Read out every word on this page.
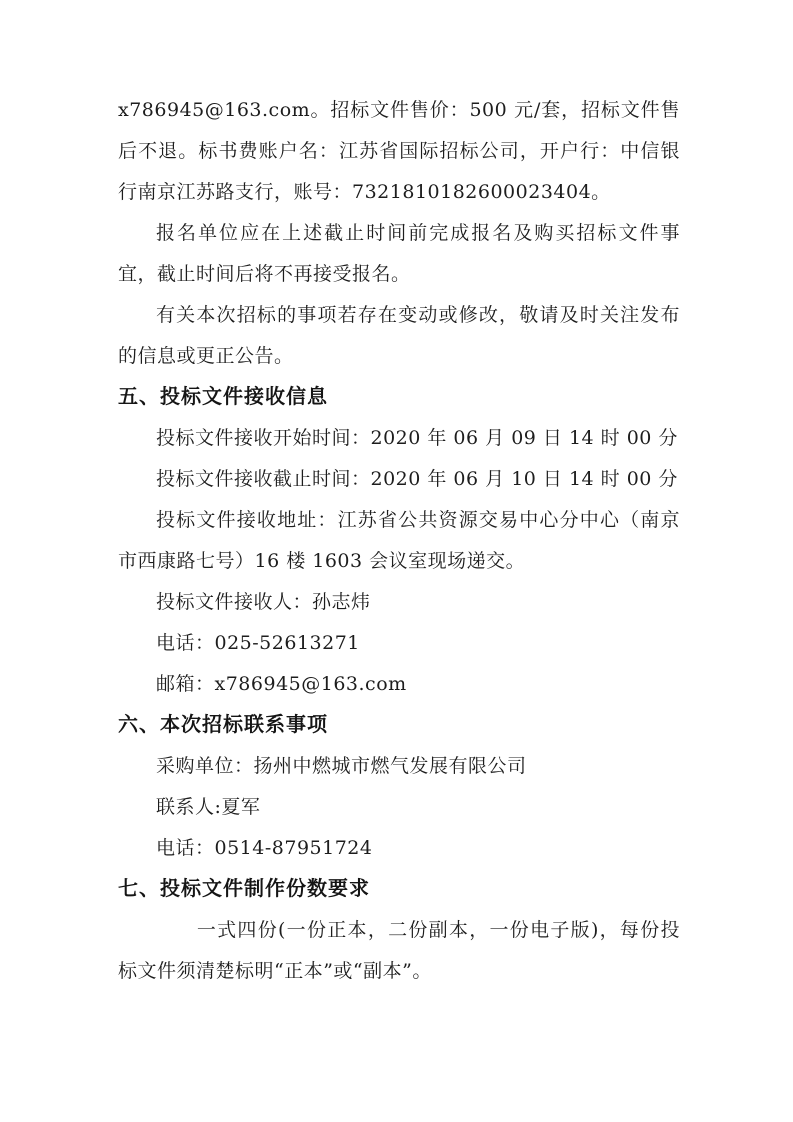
x786945@163.com。招标文件售价：500 元/套，招标文件售后不退。标书费账户名：江苏省国际招标公司，开户行：中信银行南京江苏路支行，账号：7321810182600023404。

报名单位应在上述截止时间前完成报名及购买招标文件事宜，截止时间后将不再接受报名。

有关本次招标的事项若存在变动或修改，敬请及时关注发布的信息或更正公告。

五、投标文件接收信息

投标文件接收开始时间：2020 年 06 月 09 日 14 时 00 分

投标文件接收截止时间：2020 年 06 月 10 日 14 时 00 分

投标文件接收地址：江苏省公共资源交易中心分中心（南京市西康路七号）16 楼 1603 会议室现场递交。

投标文件接收人：孙志炜

电话：025-52613271

邮箱：x786945@163.com

六、本次招标联系事项

采购单位：扬州中燃城市燃气发展有限公司

联系人:夏军

电话：0514-87951724

七、投标文件制作份数要求

一式四份(一份正本，二份副本，一份电子版)，每份投标文件须清楚标明“正本”或“副本”。
